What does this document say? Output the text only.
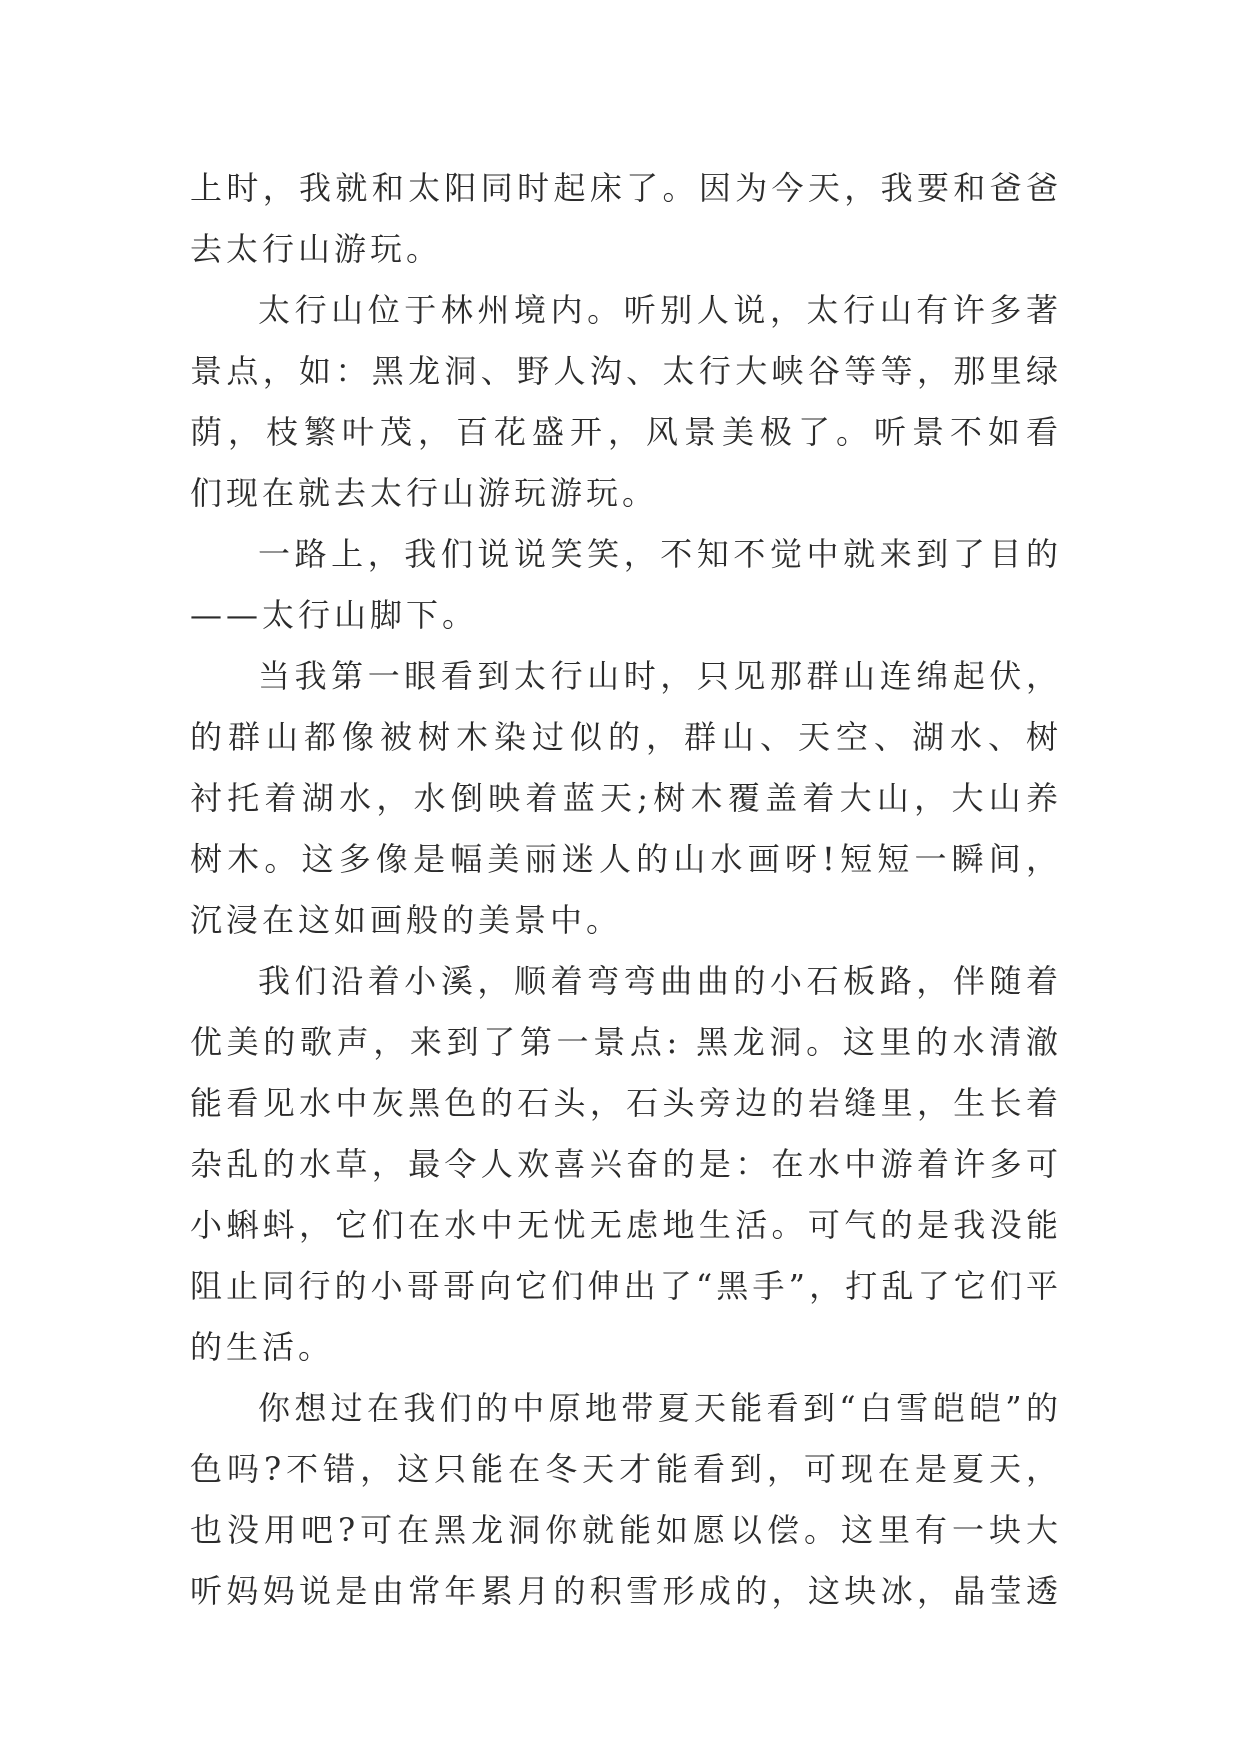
上时，我就和太阳同时起床了。因为今天，我要和爸爸
去太行山游玩。
太行山位于林州境内。听别人说，太行山有许多著
景点，如：黑龙洞、野人沟、太行大峡谷等等，那里绿
荫，枝繁叶茂，百花盛开，风景美极了。听景不如看
们现在就去太行山游玩游玩。
一路上，我们说说笑笑，不知不觉中就来到了目的
——太行山脚下。
当我第一眼看到太行山时，只见那群山连绵起伏，
的群山都像被树木染过似的，群山、天空、湖水、树
衬托着湖水，水倒映着蓝天;树木覆盖着大山，大山养
树木。这多像是幅美丽迷人的山水画呀!短短一瞬间，
沉浸在这如画般的美景中。
我们沿着小溪，顺着弯弯曲曲的小石板路，伴随着
优美的歌声，来到了第一景点: 黑龙洞。这里的水清澈
能看见水中灰黑色的石头，石头旁边的岩缝里，生长着
杂乱的水草，最令人欢喜兴奋的是：在水中游着许多可
小蝌蚪，它们在水中无忧无虑地生活。可气的是我没能
阻止同行的小哥哥向它们伸出了“黑手”，打乱了它们平
的生活。
你想过在我们的中原地带夏天能看到“白雪皑皑”的
色吗?不错，这只能在冬天才能看到，可现在是夏天，
也没用吧?可在黑龙洞你就能如愿以偿。这里有一块大
听妈妈说是由常年累月的积雪形成的，这块冰，晶莹透
